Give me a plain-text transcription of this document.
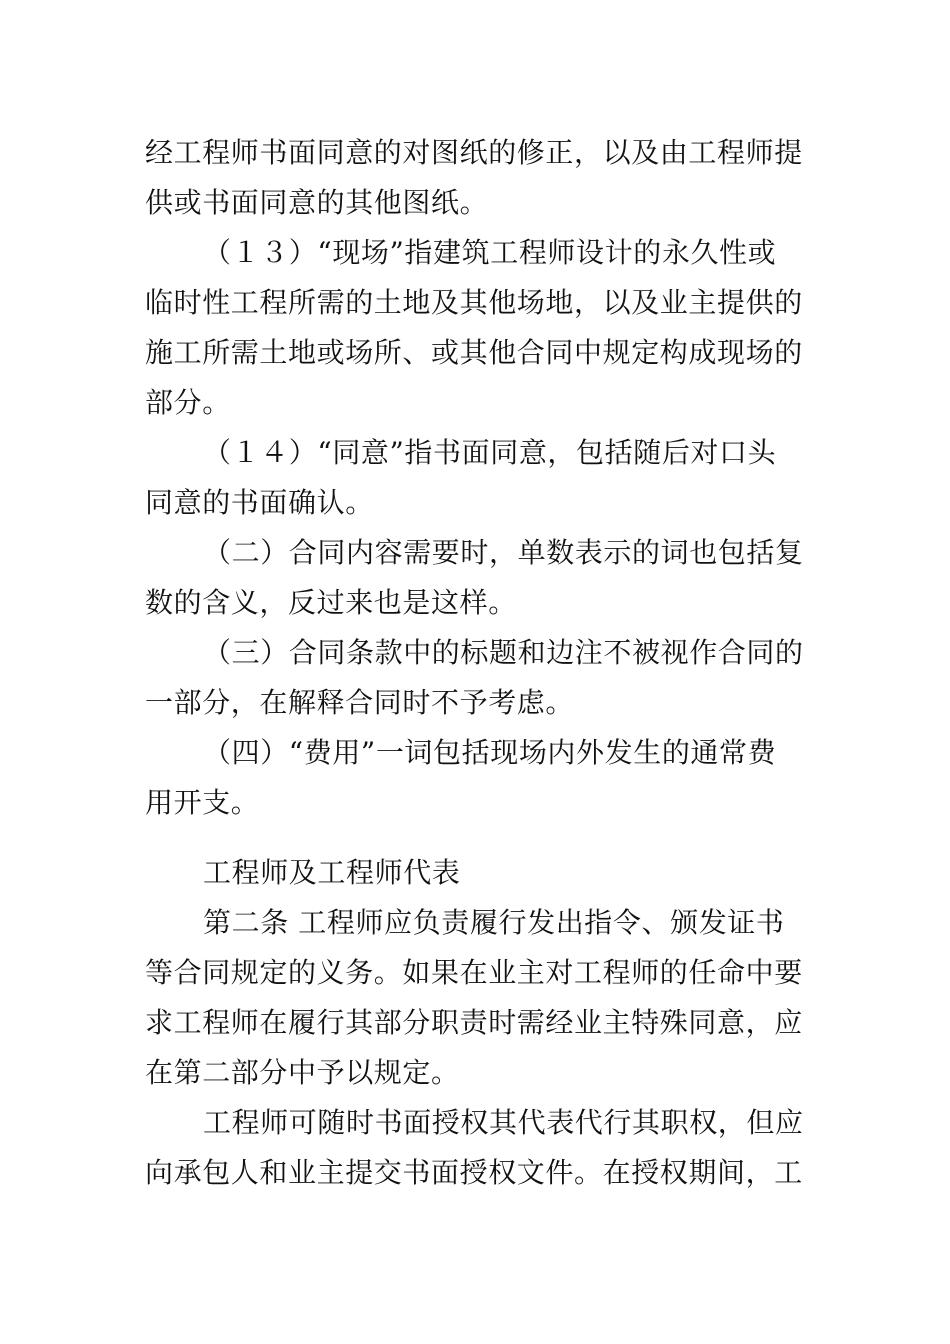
经工程师书面同意的对图纸的修正，以及由工程师提
供或书面同意的其他图纸。
（１３）“现场”指建筑工程师设计的永久性或
临时性工程所需的土地及其他场地，以及业主提供的
施工所需土地或场所、或其他合同中规定构成现场的
部分。
（１４）“同意”指书面同意，包括随后对口头
同意的书面确认。
（二）合同内容需要时，单数表示的词也包括复
数的含义，反过来也是这样。
（三）合同条款中的标题和边注不被视作合同的
一部分，在解释合同时不予考虑。
（四）“费用”一词包括现场内外发生的通常费
用开支。
工程师及工程师代表
第二条 工程师应负责履行发出指令、颁发证书
等合同规定的义务。如果在业主对工程师的任命中要
求工程师在履行其部分职责时需经业主特殊同意，应
在第二部分中予以规定。
工程师可随时书面授权其代表代行其职权，但应
向承包人和业主提交书面授权文件。在授权期间，工
